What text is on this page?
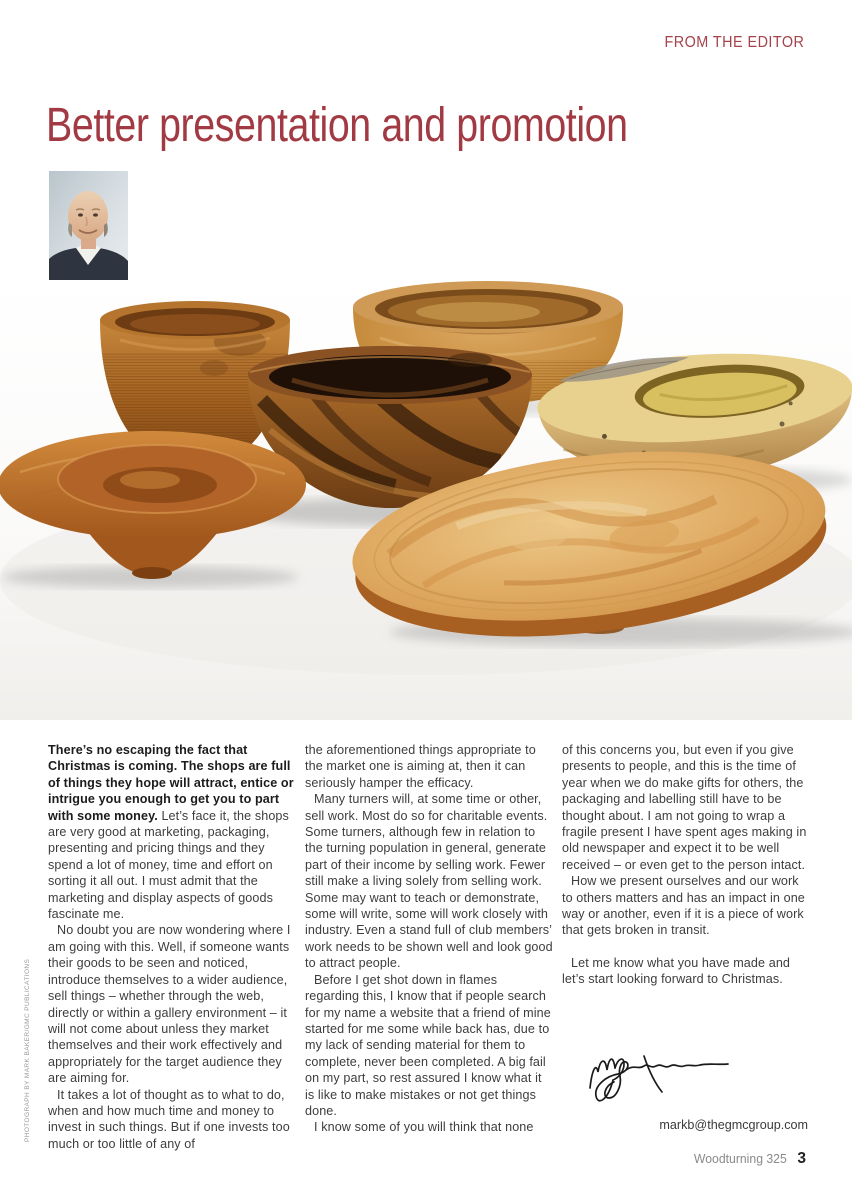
FROM THE EDITOR
Better presentation and promotion
PHOTOGRAPH BY MARK BAKER/GMC PUBLICATIONS

There’s no escaping the fact that Christmas is coming. The shops are full of things they hope will attract, entice or intrigue you enough to get you to part with some money. Let’s face it, the shops are very good at marketing, packaging, presenting and pricing things and they spend a lot of money, time and effort on sorting it all out. I must admit that the marketing and display aspects of goods fascinate me.

No doubt you are now wondering where I am going with this. Well, if someone wants their goods to be seen and noticed, introduce themselves to a wider audience, sell things – whether through the web, directly or within a gallery environment – it will not come about unless they market themselves and their work effectively and appropriately for the target audience they are aiming for.

It takes a lot of thought as to what to do, when and how much time and money to invest in such things. But if one invests too much or too little of any of

the aforementioned things appropriate to the market one is aiming at, then it can seriously hamper the efficacy.

Many turners will, at some time or other, sell work. Most do so for charitable events. Some turners, although few in relation to the turning population in general, generate part of their income by selling work. Fewer still make a living solely from selling work. Some may want to teach or demonstrate, some will write, some will work closely with industry. Even a stand full of club members’ work needs to be shown well and look good to attract people.

Before I get shot down in flames regarding this, I know that if people search for my name a website that a friend of mine started for me some while back has, due to my lack of sending material for them to complete, never been completed. A big fail on my part, so rest assured I know what it is like to make mistakes or not get things done.

I know some of you will think that none

of this concerns you, but even if you give presents to people, and this is the time of year when we do make gifts for others, the packaging and labelling still have to be thought about. I am not going to wrap a fragile present I have spent ages making in old newspaper and expect it to be well received – or even get to the person intact.

How we present ourselves and our work to others matters and has an impact in one way or another, even if it is a piece of work that gets broken in transit.

Let me know what you have made and let’s start looking forward to Christmas.

markb@thegmcgroup.com
Woodturning 325 3
